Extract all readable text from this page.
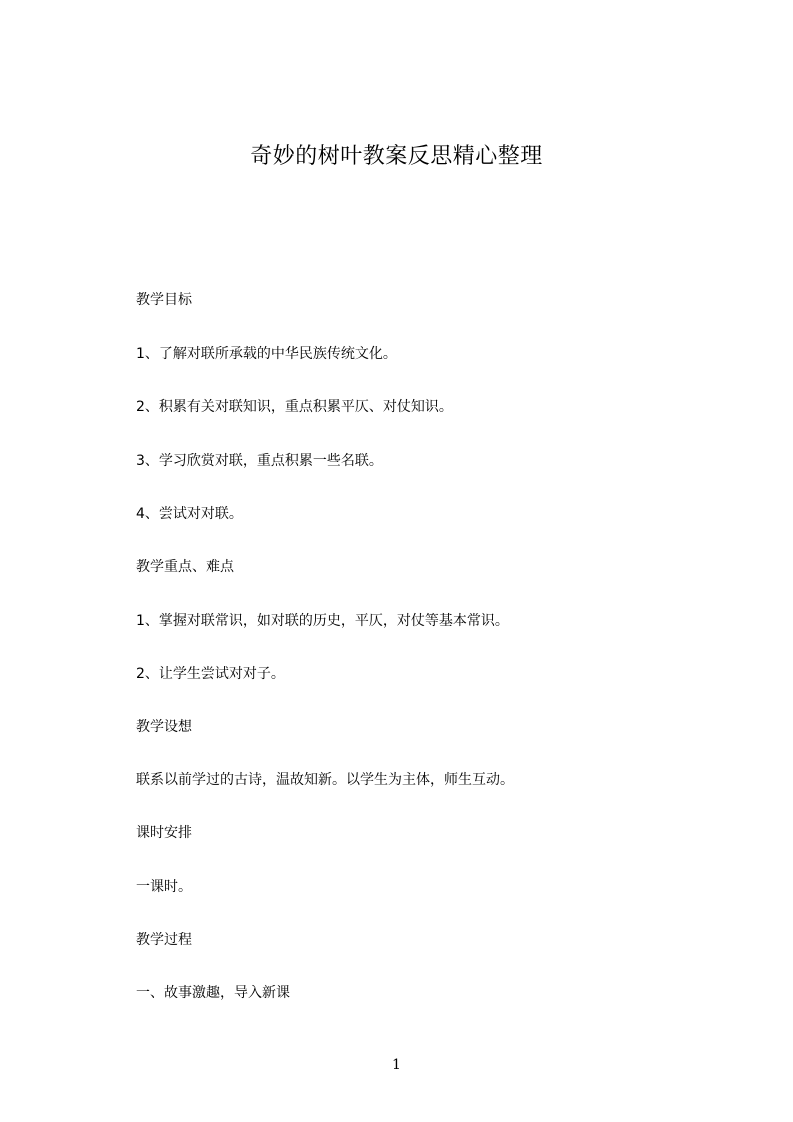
奇妙的树叶教案反思精心整理
教学目标
1、了解对联所承载的中华民族传统文化。
2、积累有关对联知识，重点积累平仄、对仗知识。
3、学习欣赏对联，重点积累一些名联。
4、尝试对对联。
教学重点、难点
1、掌握对联常识，如对联的历史，平仄，对仗等基本常识。
2、让学生尝试对对子。
教学设想
联系以前学过的古诗，温故知新。以学生为主体，师生互动。
课时安排
一课时。
教学过程
一、故事激趣，导入新课
1
